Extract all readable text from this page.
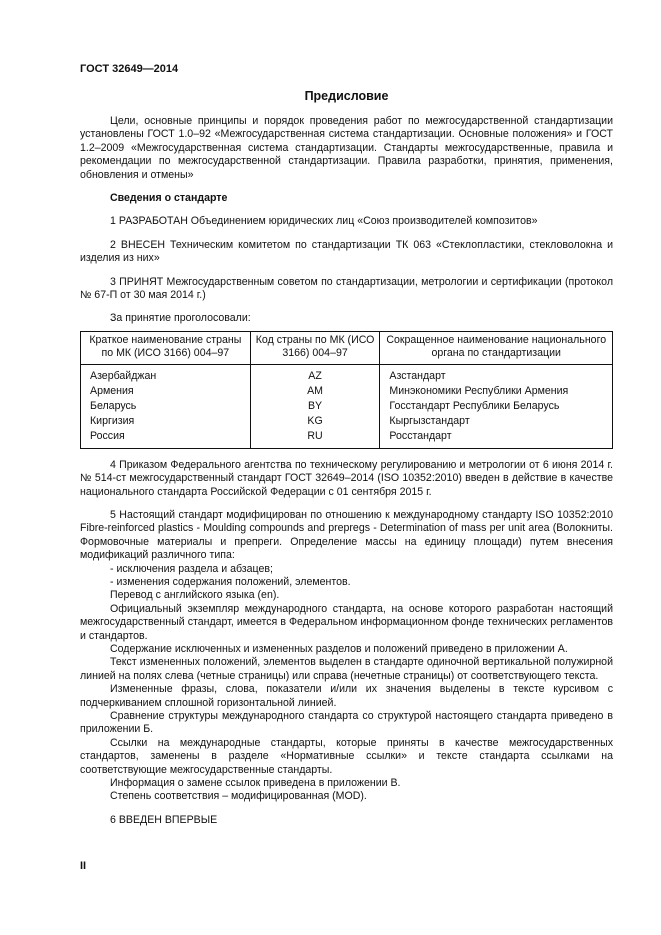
ГОСТ 32649—2014
Предисловие

Цели, основные принципы и порядок проведения работ по межгосударственной стандартизации установлены ГОСТ 1.0–92 «Межгосударственная система стандартизации. Основные положения» и ГОСТ 1.2–2009 «Межгосударственная система стандартизации. Стандарты межгосударственные, правила и рекомендации по межгосударственной стандартизации. Правила разработки, принятия, применения, обновления и отмены»

Сведения о стандарте

1 РАЗРАБОТАН Объединением юридических лиц «Союз производителей композитов»

2 ВНЕСЕН Техническим комитетом по стандартизации ТК 063 «Стеклопластики, стекловолокна и изделия из них»

3 ПРИНЯТ Межгосударственным советом по стандартизации, метрологии и сертификации (протокол № 67-П от 30 мая 2014 г.)

За принятие проголосовали:
Краткое наименование страны по МК (ИСО 3166) 004–97	Код страны по МК (ИСО 3166) 004–97	Сокращенное наименование национального органа по стандартизации
Азербайджан	AZ	Азстандарт
Армения	AM	Минэкономики Республики Армения
Беларусь	BY	Госстандарт Республики Беларусь
Киргизия	KG	Кыргызстандарт
Россия	RU	Росстандарт

4 Приказом Федерального агентства по техническому регулированию и метрологии от 6 июня 2014 г. № 514-ст межгосударственный стандарт ГОСТ 32649–2014 (ISO 10352:2010) введен в действие в качестве национального стандарта Российской Федерации с 01 сентября 2015 г.

5 Настоящий стандарт модифицирован по отношению к международному стандарту ISO 10352:2010 Fibre-reinforced plastics - Moulding compounds and prepregs - Determination of mass per unit area (Волокниты. Формовочные материалы и препреги. Определение массы на единицу площади) путем внесения модификаций различного типа:

- исключения раздела и абзацев;

- изменения содержания положений, элементов.

Перевод с английского языка (en).

Официальный экземпляр международного стандарта, на основе которого разработан настоящий межгосударственный стандарт, имеется в Федеральном информационном фонде технических регламентов и стандартов.

Содержание исключенных и измененных разделов и положений приведено в приложении А.

Текст измененных положений, элементов выделен в стандарте одиночной вертикальной полужирной линией на полях слева (четные страницы) или справа (нечетные страницы) от соответствующего текста.

Измененные фразы, слова, показатели и/или их значения выделены в тексте курсивом с подчеркиванием сплошной горизонтальной линией.

Сравнение структуры международного стандарта со структурой настоящего стандарта приведено в приложении Б.

Ссылки на международные стандарты, которые приняты в качестве межгосударственных стандартов, заменены в разделе «Нормативные ссылки» и тексте стандарта ссылками на соответствующие межгосударственные стандарты.

Информация о замене ссылок приведена в приложении В.

Степень соответствия – модифицированная (MOD).

6 ВВЕДЕН ВПЕРВЫЕ

II
